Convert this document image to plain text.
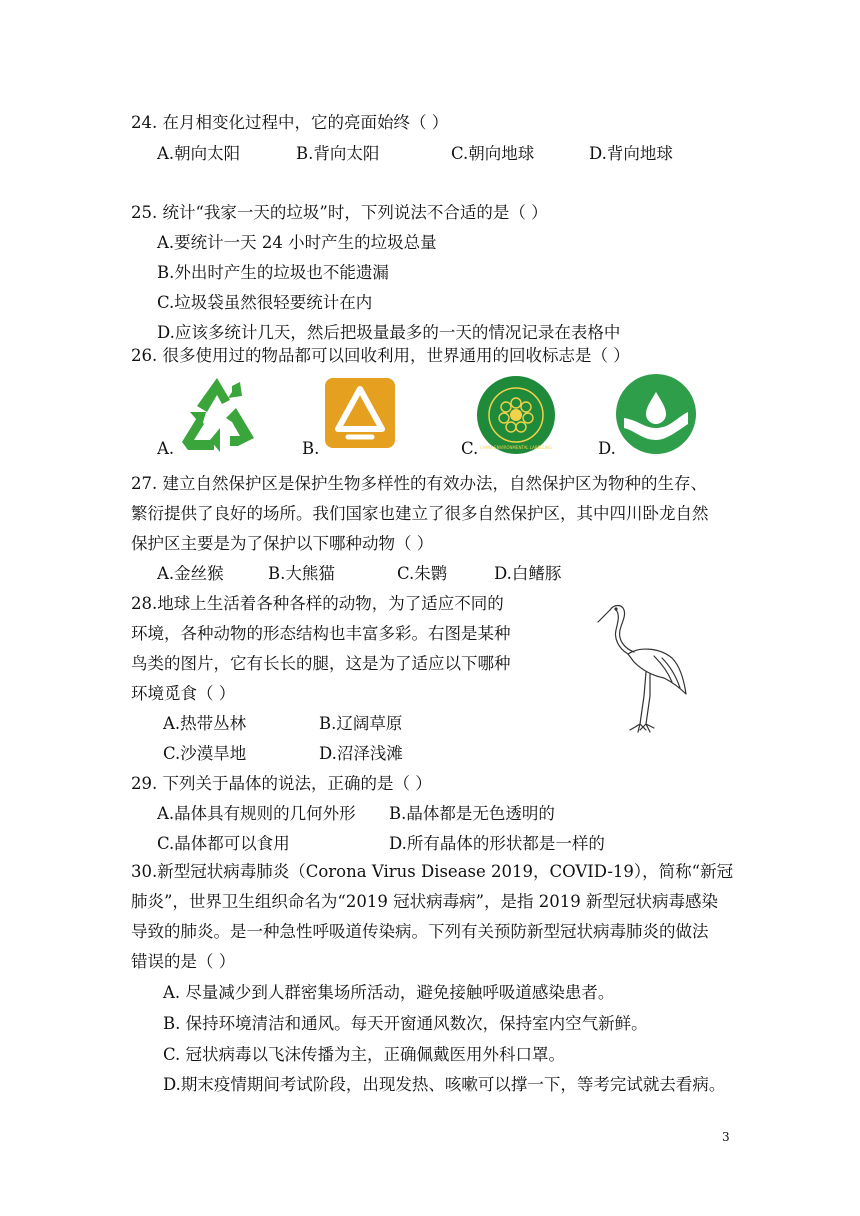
24. 在月相变化过程中，它的亮面始终（ ）
A.朝向太阳	B.背向太阳	C.朝向地球	D.背向地球
25. 统计“我家一天的垃圾”时，下列说法不合适的是（ ）
A.要统计一天 24 小时产生的垃圾总量
B.外出时产生的垃圾也不能遗漏
C.垃圾袋虽然很轻要统计在内
D.应该多统计几天，然后把圾量最多的一天的情况记录在表格中
26. 很多使用过的物品都可以回收利用，世界通用的回收标志是（ ）
A.	B.	C. CHINA ENVIRONMENTAL LABELLING	D.
27. 建立自然保护区是保护生物多样性的有效办法，自然保护区为物种的生存、
繁衍提供了良好的场所。我们国家也建立了很多自然保护区，其中四川卧龙自然
保护区主要是为了保护以下哪种动物（ ）
A.金丝猴	B.大熊猫	C.朱鹮	D.白鳍豚
28.地球上生活着各种各样的动物，为了适应不同的
环境，各种动物的形态结构也丰富多彩。右图是某种
鸟类的图片，它有长长的腿，这是为了适应以下哪种
环境觅食（ ）
A.热带丛林	B.辽阔草原
C.沙漠旱地	D.沼泽浅滩
29. 下列关于晶体的说法，正确的是（ ）
A.晶体具有规则的几何外形 B.晶体都是无色透明的
C.晶体都可以食用	D.所有晶体的形状都是一样的
30.新型冠状病毒肺炎（Corona Virus Disease 2019，COVID-19），简称“新冠
肺炎”，世界卫生组织命名为“2019 冠状病毒病”，是指 2019 新型冠状病毒感染
导致的肺炎。是一种急性呼吸道传染病。下列有关预防新型冠状病毒肺炎的做法
错误的是（ ）
A. 尽量减少到人群密集场所活动，避免接触呼吸道感染患者。
B. 保持环境清洁和通风。每天开窗通风数次，保持室内空气新鲜。
C. 冠状病毒以飞沫传播为主，正确佩戴医用外科口罩。
D.期末疫情期间考试阶段，出现发热、咳嗽可以撑一下，等考完试就去看病。
3
